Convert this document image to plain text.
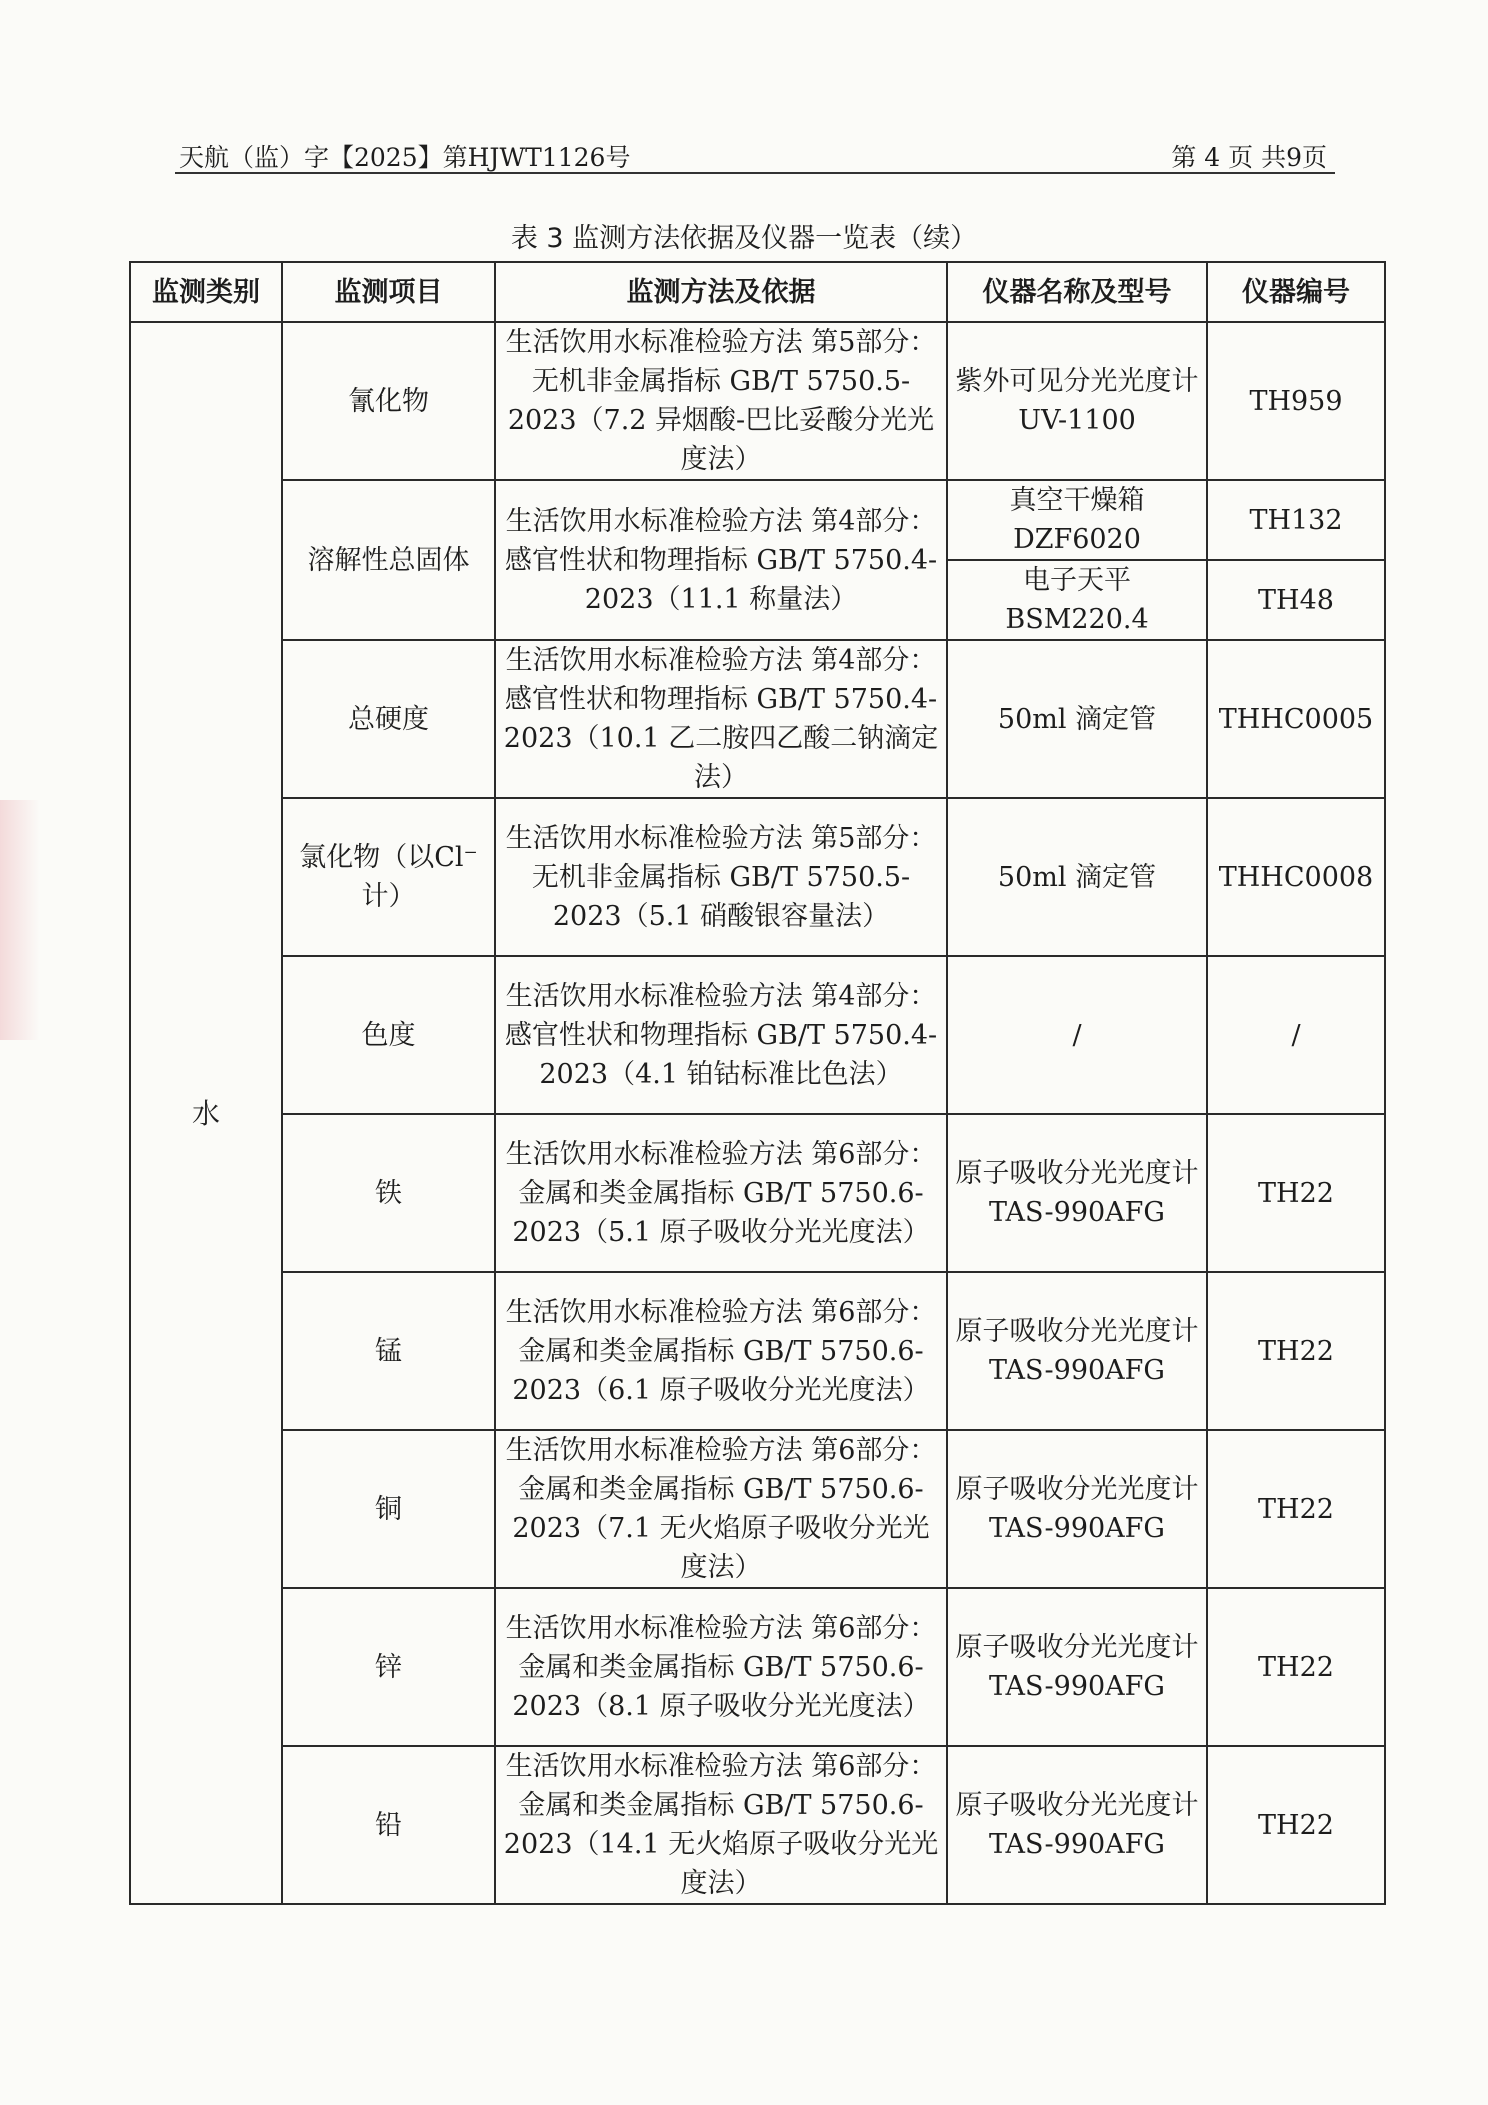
天航（监）字【2025】第HJWT1126号	第 4 页 共9页
表 3 监测方法依据及仪器一览表（续）
监测类别	监测项目	监测方法及依据	仪器名称及型号	仪器编号
水	氰化物	生活饮用水标准检验方法 第5部分：无机非金属指标 GB/T 5750.5-2023（7.2 异烟酸-巴比妥酸分光光度法）	紫外可见分光光度计UV-1100	TH959
	溶解性总固体	生活饮用水标准检验方法 第4部分：感官性状和物理指标 GB/T 5750.4-2023（11.1 称量法）	真空干燥箱DZF6020	TH132
			电子天平BSM220.4	TH48
	总硬度	生活饮用水标准检验方法 第4部分：感官性状和物理指标 GB/T 5750.4-2023（10.1 乙二胺四乙酸二钠滴定法）	50ml 滴定管	THHC0005
	氯化物（以Cl⁻计）	生活饮用水标准检验方法 第5部分：无机非金属指标 GB/T 5750.5-2023（5.1 硝酸银容量法）	50ml 滴定管	THHC0008
	色度	生活饮用水标准检验方法 第4部分：感官性状和物理指标 GB/T 5750.4-2023（4.1 铂钴标准比色法）	/	/
	铁	生活饮用水标准检验方法 第6部分：金属和类金属指标 GB/T 5750.6-2023（5.1 原子吸收分光光度法）	原子吸收分光光度计TAS-990AFG	TH22
	锰	生活饮用水标准检验方法 第6部分：金属和类金属指标 GB/T 5750.6-2023（6.1 原子吸收分光光度法）	原子吸收分光光度计TAS-990AFG	TH22
	铜	生活饮用水标准检验方法 第6部分：金属和类金属指标 GB/T 5750.6-2023（7.1 无火焰原子吸收分光光度法）	原子吸收分光光度计TAS-990AFG	TH22
	锌	生活饮用水标准检验方法 第6部分：金属和类金属指标 GB/T 5750.6-2023（8.1 原子吸收分光光度法）	原子吸收分光光度计TAS-990AFG	TH22
	铅	生活饮用水标准检验方法 第6部分：金属和类金属指标 GB/T 5750.6-2023（14.1 无火焰原子吸收分光光度法）	原子吸收分光光度计TAS-990AFG	TH22
